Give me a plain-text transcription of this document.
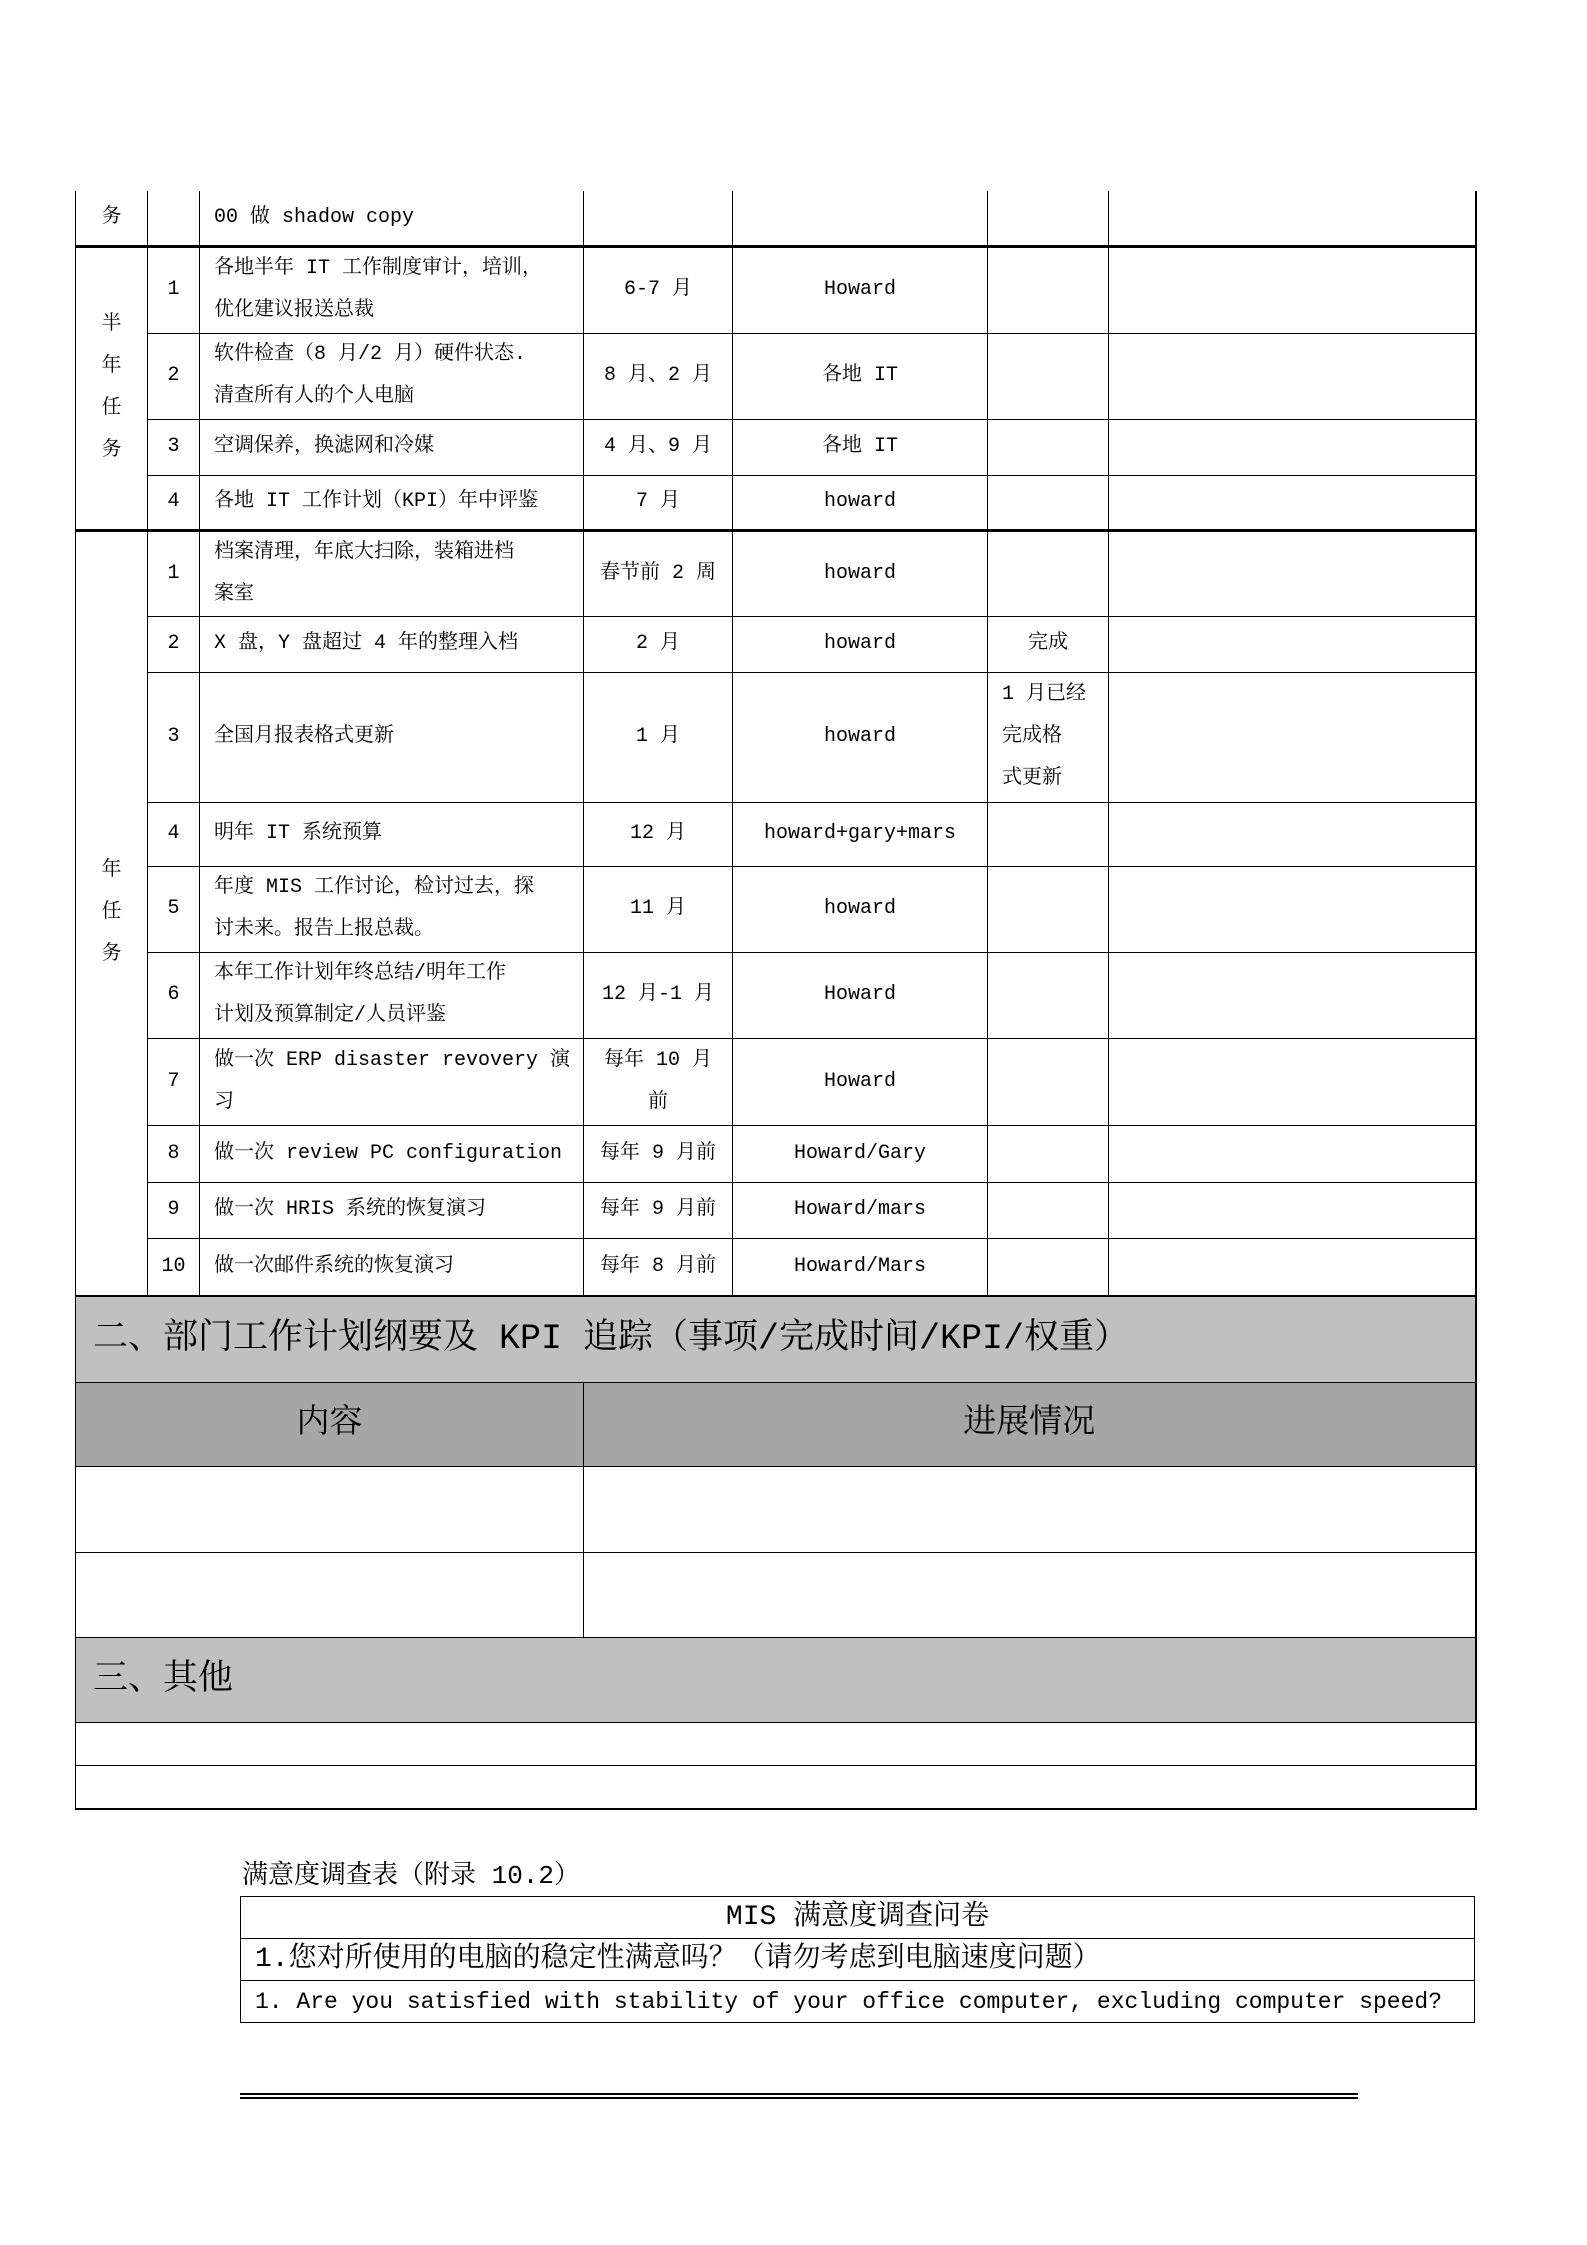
务		00 做 shadow copy				

半年任务	1	各地半年 IT 工作制度审计，培训，
优化建议报送总裁	6-7 月	Howard		
	2	软件检查（8 月/2 月）硬件状态.
清查所有人的个人电脑	8 月、2 月	各地 IT		
	3	空调保养，换滤网和冷媒	4 月、9 月	各地 IT		
	4	各地 IT 工作计划（KPI）年中评鉴	7 月	howard		

年任务	1	档案清理，年底大扫除，装箱进档
案室	春节前 2 周	howard		
	2	X 盘，Y 盘超过 4 年的整理入档	2 月	howard	完成	
	3	全国月报表格式更新	1 月	howard	1 月已经
完成格
式更新	
	4	明年 IT 系统预算	12 月	howard+gary+mars		
	5	年度 MIS 工作讨论，检讨过去，探
讨未来。报告上报总裁。	11 月	howard		
	6	本年工作计划年终总结/明年工作
计划及预算制定/人员评鉴	12 月-1 月	Howard		
	7	做一次 ERP disaster revovery 演
习	每年 10 月
前	Howard		
	8	做一次 review PC configuration	每年 9 月前	Howard/Gary		
	9	做一次 HRIS 系统的恢复演习	每年 9 月前	Howard/mars		
	10	做一次邮件系统的恢复演习	每年 8 月前	Howard/Mars		
二、部门工作计划纲要及 KPI 追踪（事项/完成时间/KPI/权重）						
内容			进展情况			

三、其他						

满意度调查表（附录 10.2）
MIS 满意度调查问卷
1.您对所使用的电脑的稳定性满意吗？（请勿考虑到电脑速度问题）
1. Are you satisfied with stability of your office computer, excluding computer speed?
